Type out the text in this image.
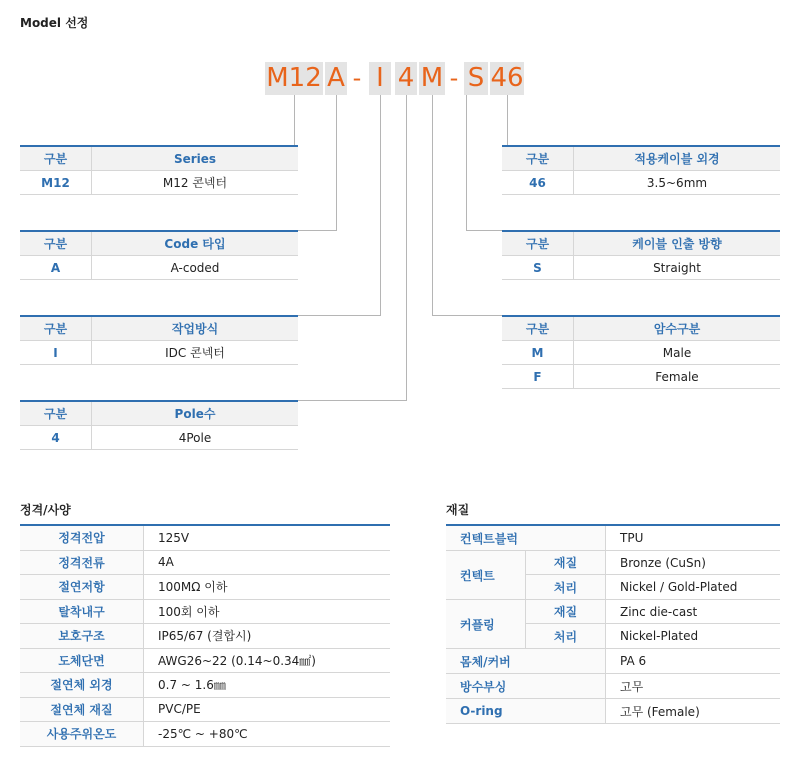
Model 선정
M12 A - I 4 M - S 46
구분	Series
M12	M12 콘넥터
구분	Code 타입
A	A-coded
구분	작업방식
I	IDC 콘넥터
구분	Pole수
4	4Pole
구분	적용케이블 외경
46	3.5~6mm
구분	케이블 인출 방향
S	Straight
구분	암수구분
M	Male
F	Female
정격/사양
정격전압	125V
정격전류	4A
절연저항	100MΩ 이하
탈착내구	100회 이하
보호구조	IP65/67 (결합시)
도체단면	AWG26~22 (0.14~0.34㎟)
절연체 외경	0.7 ~ 1.6㎜
절연체 재질	PVC/PE
사용주위온도	-25℃ ~ +80℃
재질
컨텍트블럭	TPU
컨텍트
재질	Bronze (CuSn)
처리	Nickel / Gold-Plated
커플링
재질	Zinc die-cast
처리	Nickel-Plated
몸체/커버	PA 6
방수부싱	고무
O-ring	고무 (Female)
